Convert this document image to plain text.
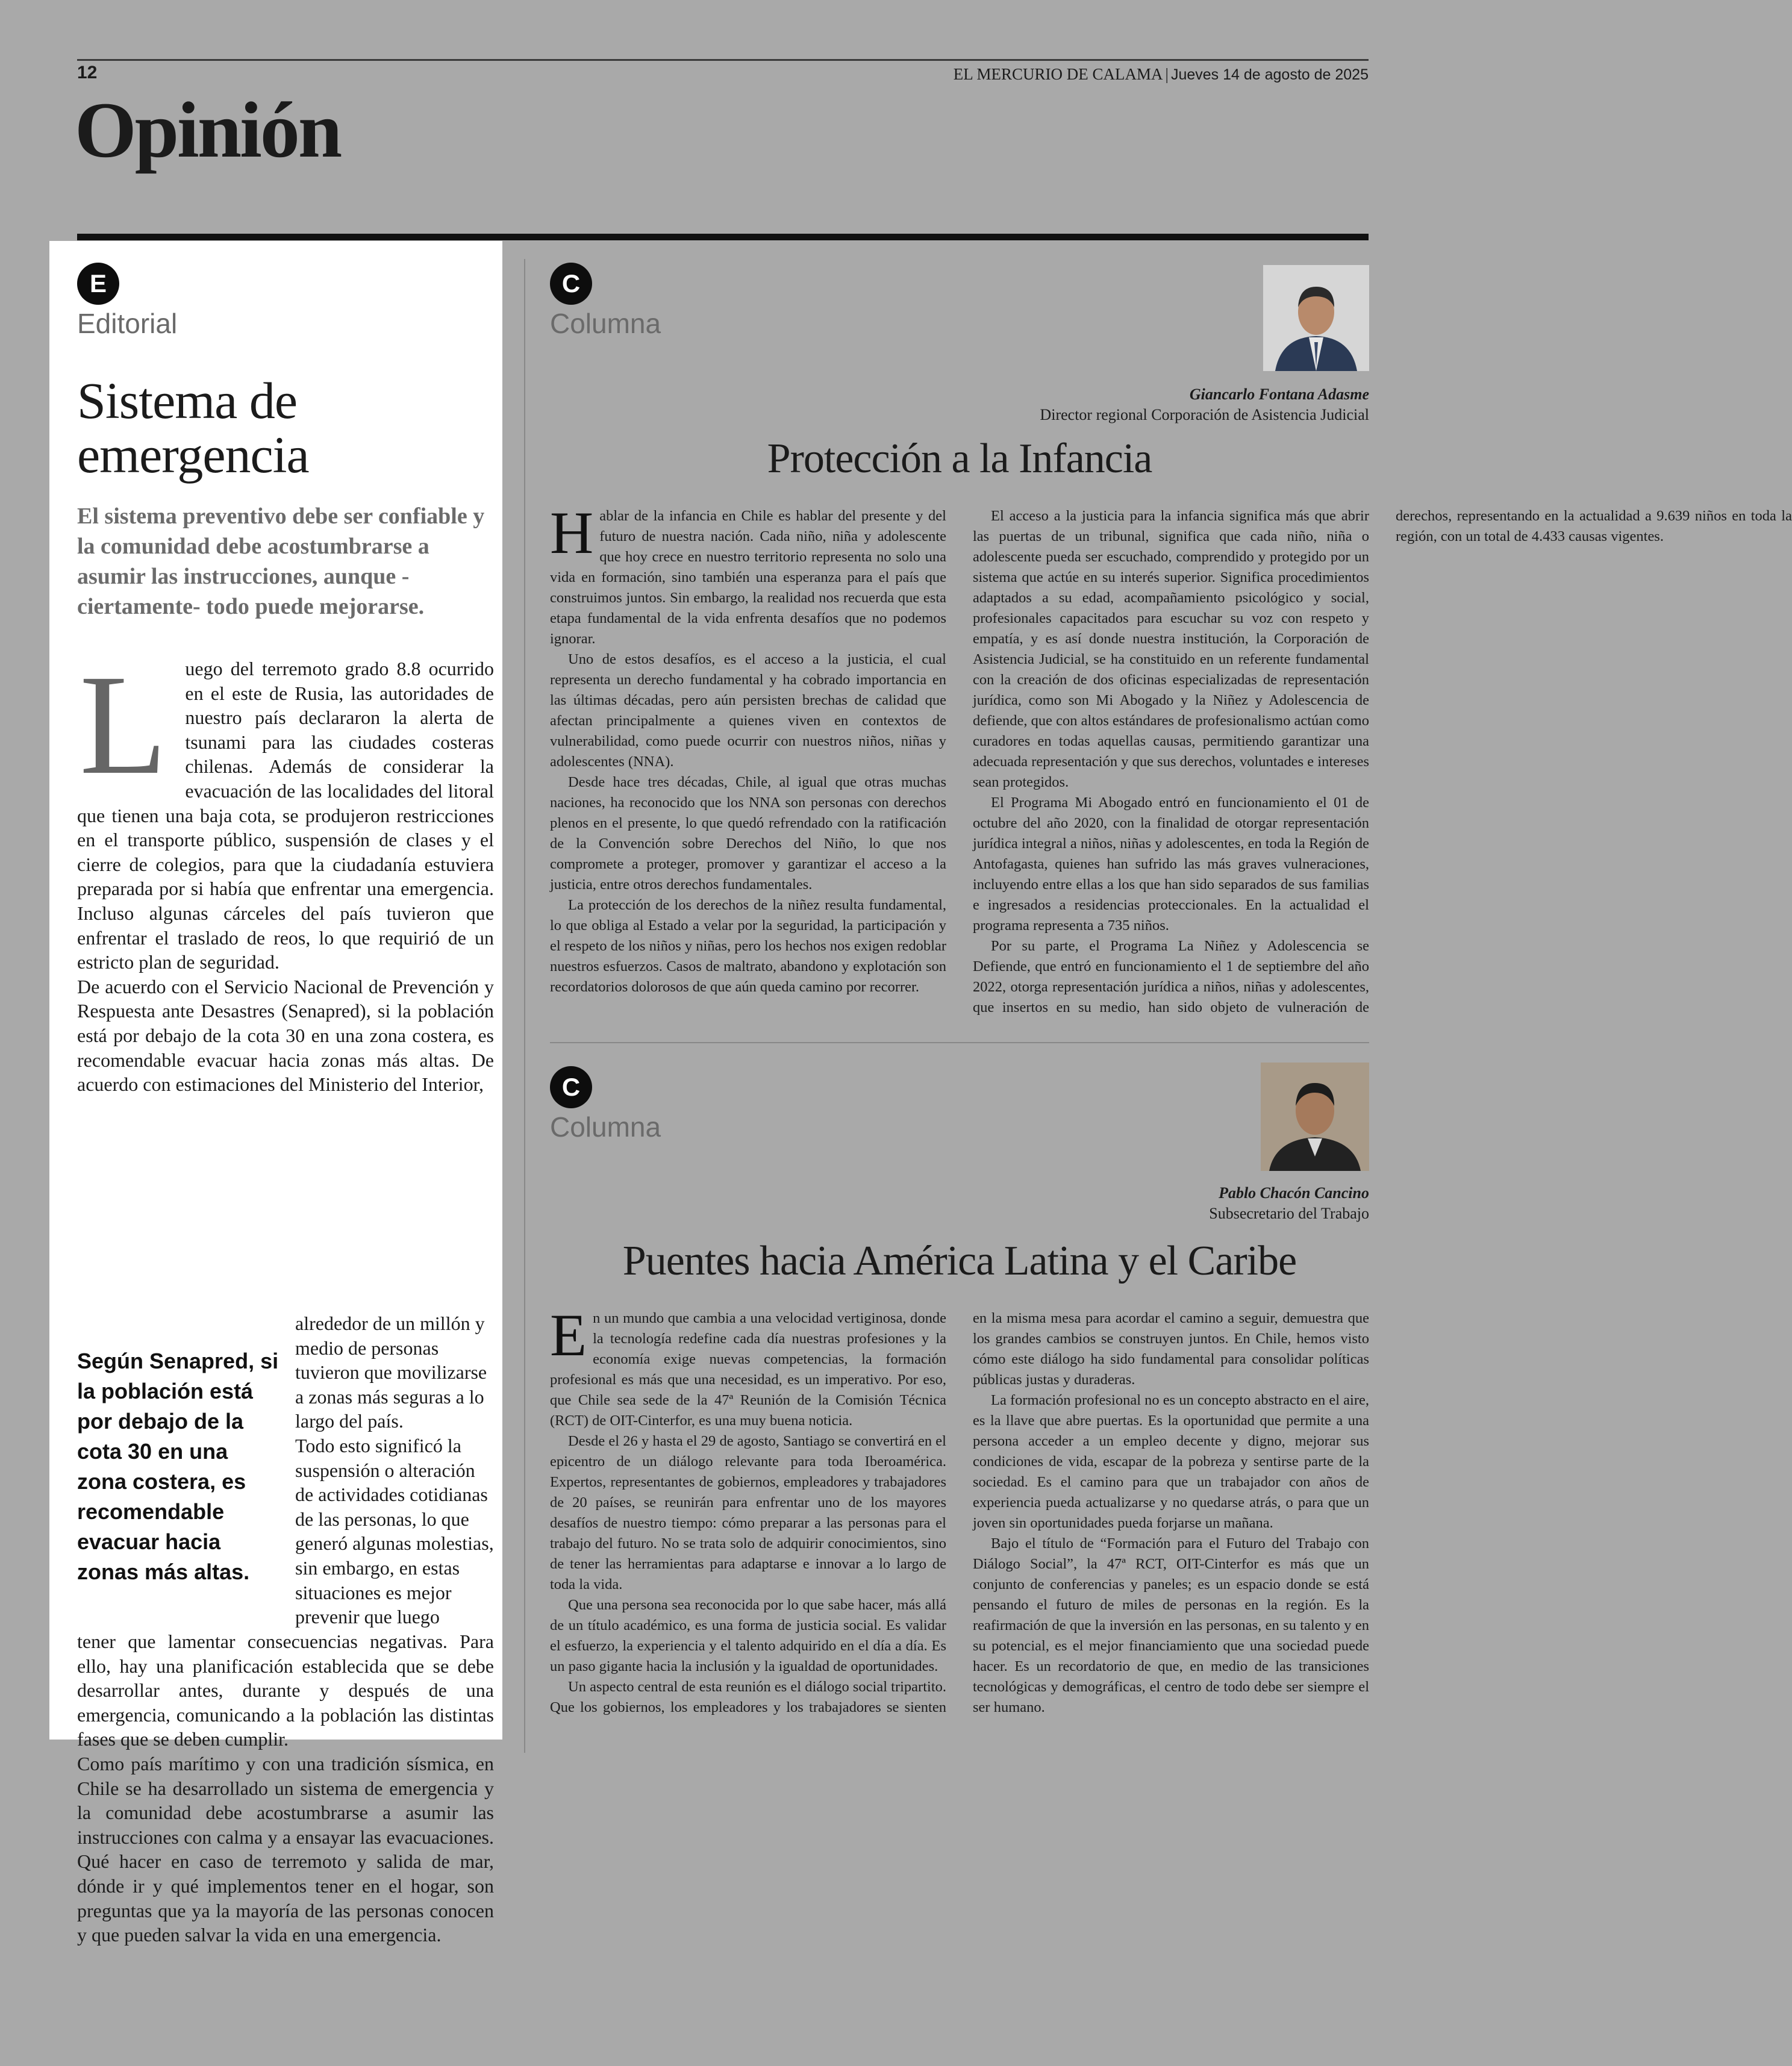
12	EL MERCURIO DE CALAMA | Jueves 14 de agosto de 2025
Opinión
E
Editorial
Sistema de emergencia

El sistema preventivo debe ser confiable y la comunidad debe acostumbrarse a asumir las instrucciones, aunque - ciertamente- todo puede mejorarse.

L uego del terremoto grado 8.8 ocurrido en el este de Rusia, las autoridades de nuestro país declararon la alerta de tsunami para las ciudades costeras chilenas. Además de considerar la evacuación de las localidades del litoral que tienen una baja cota, se produjeron restricciones en el transporte público, suspensión de clases y el cierre de colegios, para que la ciudadanía estuviera preparada por si había que enfrentar una emergencia. Incluso algunas cárceles del país tuvieron que enfrentar el traslado de reos, lo que requirió de un estricto plan de seguridad.

De acuerdo con el Servicio Nacional de Prevención y Respuesta ante Desastres (Senapred), si la población está por debajo de la cota 30 en una zona costera, es recomendable evacuar hacia zonas más altas. De acuerdo con estimaciones del Ministerio del Interior,

Según Senapred, si la población está por debajo de la cota 30 en una zona costera, es recomendable evacuar hacia zonas más altas.

alrededor de un millón y medio de personas tuvieron que movilizarse a zonas más seguras a lo largo del país.

Todo esto significó la suspensión o alteración de actividades cotidianas de las personas, lo que generó algunas molestias, sin embargo, en estas situaciones es mejor prevenir que luego

tener que lamentar consecuencias negativas. Para ello, hay una planificación establecida que se debe desarrollar antes, durante y después de una emergencia, comunicando a la población las distintas fases que se deben cumplir.

Como país marítimo y con una tradición sísmica, en Chile se ha desarrollado un sistema de emergencia y la comunidad debe acostumbrarse a asumir las instrucciones con calma y a ensayar las evacuaciones. Qué hacer en caso de terremoto y salida de mar, dónde ir y qué implementos tener en el hogar, son preguntas que ya la mayoría de las personas conocen y que pueden salvar la vida en una emergencia.

C
Columna
Giancarlo Fontana Adasme
Director regional Corporación de Asistencia Judicial
Protección a la Infancia
H ablar de la infancia en Chile es hablar del presente y del futuro de nuestra nación. Cada niño, niña y adolescente que hoy crece en nuestro territorio representa no solo una vida en formación, sino también una esperanza para el país que construimos juntos. Sin embargo, la realidad nos recuerda que esta etapa fundamental de la vida enfrenta desafíos que no podemos ignorar.

Uno de estos desafíos, es el acceso a la justicia, el cual representa un derecho fundamental y ha cobrado importancia en las últimas décadas, pero aún persisten brechas de calidad que afectan principalmente a quienes viven en contextos de vulnerabilidad, como puede ocurrir con nuestros niños, niñas y adolescentes (NNA).

Desde hace tres décadas, Chile, al igual que otras muchas naciones, ha reconocido que los NNA son personas con derechos plenos en el presente, lo que quedó refrendado con la ratificación de la Convención sobre Derechos del Niño, lo que nos compromete a proteger, promover y garantizar el acceso a la justicia, entre otros derechos fundamentales.

La protección de los derechos de la niñez resulta fundamental, lo que obliga al Estado a velar por la seguridad, la participación y el respeto de los niños y niñas, pero los hechos nos exigen redoblar nuestros esfuerzos. Casos de maltrato, abandono y explotación son recordatorios dolorosos de que aún queda camino por recorrer.

El acceso a la justicia para la infancia significa más que abrir las puertas de un tribunal, significa que cada niño, niña o adolescente pueda ser escuchado, comprendido y protegido por un sistema que actúe en su interés superior. Significa procedimientos adaptados a su edad, acompañamiento psicológico y social, profesionales capacitados para escuchar su voz con respeto y empatía, y es así donde nuestra institución, la Corporación de Asistencia Judicial, se ha constituido en un referente fundamental con la creación de dos oficinas especializadas de representación jurídica, como son Mi Abogado y la Niñez y Adolescencia de defiende, que con altos estándares de profesionalismo actúan como curadores en todas aquellas causas, permitiendo garantizar una adecuada representación y que sus derechos, voluntades e intereses sean protegidos.

El Programa Mi Abogado entró en funcionamiento el 01 de octubre del año 2020, con la finalidad de otorgar representación jurídica integral a niños, niñas y adolescentes, en toda la Región de Antofagasta, quienes han sufrido las más graves vulneraciones, incluyendo entre ellas a los que han sido separados de sus familias e ingresados a residencias proteccionales. En la actualidad el programa representa a 735 niños.

Por su parte, el Programa La Niñez y Adolescencia se Defiende, que entró en funcionamiento el 1 de septiembre del año 2022, otorga representación jurídica a niños, niñas y adolescentes, que insertos en su medio, han sido objeto de vulneración de derechos, representando en la actualidad a 9.639 niños en toda la región, con un total de 4.433 causas vigentes.

C
Columna
Pablo Chacón Cancino
Subsecretario del Trabajo
Puentes hacia América Latina y el Caribe
E n un mundo que cambia a una velocidad vertiginosa, donde la tecnología redefine cada día nuestras profesiones y la economía exige nuevas competencias, la formación profesional es más que una necesidad, es un imperativo. Por eso, que Chile sea sede de la 47ª Reunión de la Comisión Técnica (RCT) de OIT-Cinterfor, es una muy buena noticia.

Desde el 26 y hasta el 29 de agosto, Santiago se convertirá en el epicentro de un diálogo relevante para toda Iberoamérica. Expertos, representantes de gobiernos, empleadores y trabajadores de 20 países, se reunirán para enfrentar uno de los mayores desafíos de nuestro tiempo: cómo preparar a las personas para el trabajo del futuro. No se trata solo de adquirir conocimientos, sino de tener las herramientas para adaptarse e innovar a lo largo de toda la vida.

Que una persona sea reconocida por lo que sabe hacer, más allá de un título académico, es una forma de justicia social. Es validar el esfuerzo, la experiencia y el talento adquirido en el día a día. Es un paso gigante hacia la inclusión y la igualdad de oportunidades.

Un aspecto central de esta reunión es el diálogo social tripartito. Que los gobiernos, los empleadores y los trabajadores se sienten en la misma mesa para acordar el camino a seguir, demuestra que los grandes cambios se construyen juntos. En Chile, hemos visto cómo este diálogo ha sido fundamental para consolidar políticas públicas justas y duraderas.

La formación profesional no es un concepto abstracto en el aire, es la llave que abre puertas. Es la oportunidad que permite a una persona acceder a un empleo decente y digno, mejorar sus condiciones de vida, escapar de la pobreza y sentirse parte de la sociedad. Es el camino para que un trabajador con años de experiencia pueda actualizarse y no quedarse atrás, o para que un joven sin oportunidades pueda forjarse un mañana.

Bajo el título de “Formación para el Futuro del Trabajo con Diálogo Social”, la 47ª RCT, OIT-Cinterfor es más que un conjunto de conferencias y paneles; es un espacio donde se está pensando el futuro de miles de personas en la región. Es la reafirmación de que la inversión en las personas, en su talento y en su potencial, es el mejor financiamiento que una sociedad puede hacer. Es un recordatorio de que, en medio de las transiciones tecnológicas y demográficas, el centro de todo debe ser siempre el ser humano.
